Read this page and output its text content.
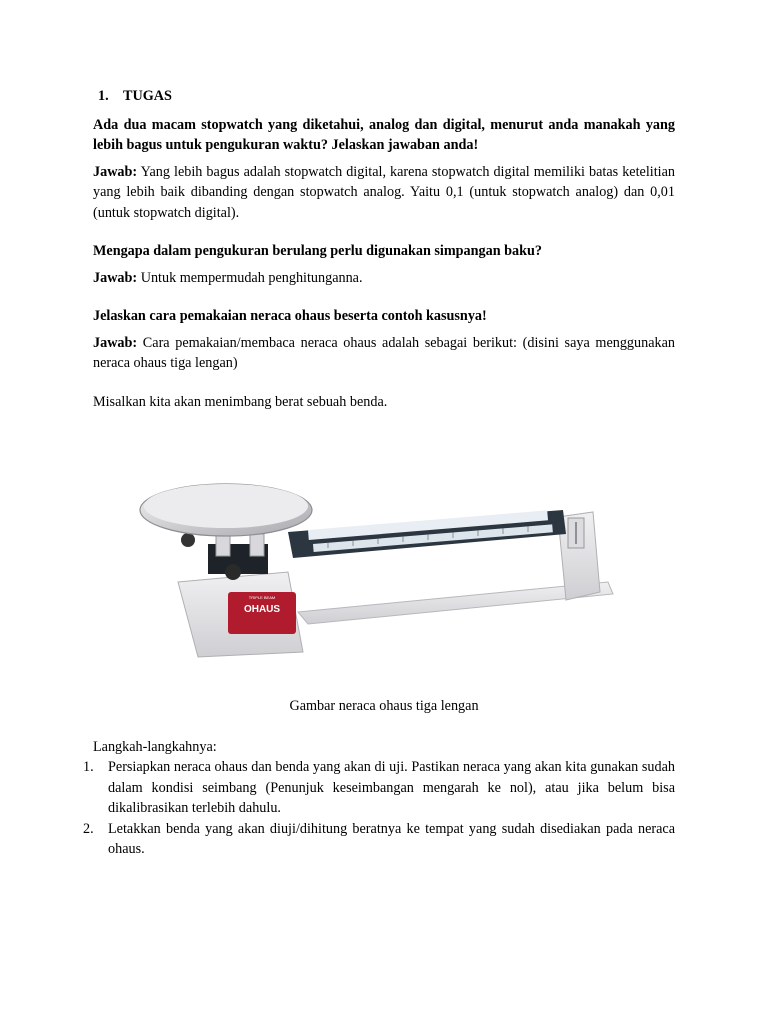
1. TUGAS

Ada dua macam stopwatch yang diketahui, analog dan digital, menurut anda manakah yang lebih bagus untuk pengukuran waktu? Jelaskan jawaban anda!

Jawab: Yang lebih bagus adalah stopwatch digital, karena stopwatch digital memiliki batas ketelitian yang lebih baik dibanding dengan stopwatch analog. Yaitu 0,1 (untuk stopwatch analog) dan 0,01 (untuk stopwatch digital).

Mengapa dalam pengukuran berulang perlu digunakan simpangan baku?

Jawab: Untuk mempermudah penghitunganna.

Jelaskan cara pemakaian neraca ohaus beserta contoh kasusnya!

Jawab: Cara pemakaian/membaca neraca ohaus adalah sebagai berikut: (disini saya menggunakan neraca ohaus tiga lengan)

Misalkan kita akan menimbang berat sebuah benda.

OHAUS
TRIPLE BEAM

Gambar neraca ohaus tiga lengan

Langkah-langkahnya:

1. Persiapkan neraca ohaus dan benda yang akan di uji. Pastikan neraca yang akan kita gunakan sudah dalam kondisi seimbang (Penunjuk keseimbangan mengarah ke nol), atau jika belum bisa dikalibrasikan terlebih dahulu.
2. Letakkan benda yang akan diuji/dihitung beratnya ke tempat yang sudah disediakan pada neraca ohaus.
